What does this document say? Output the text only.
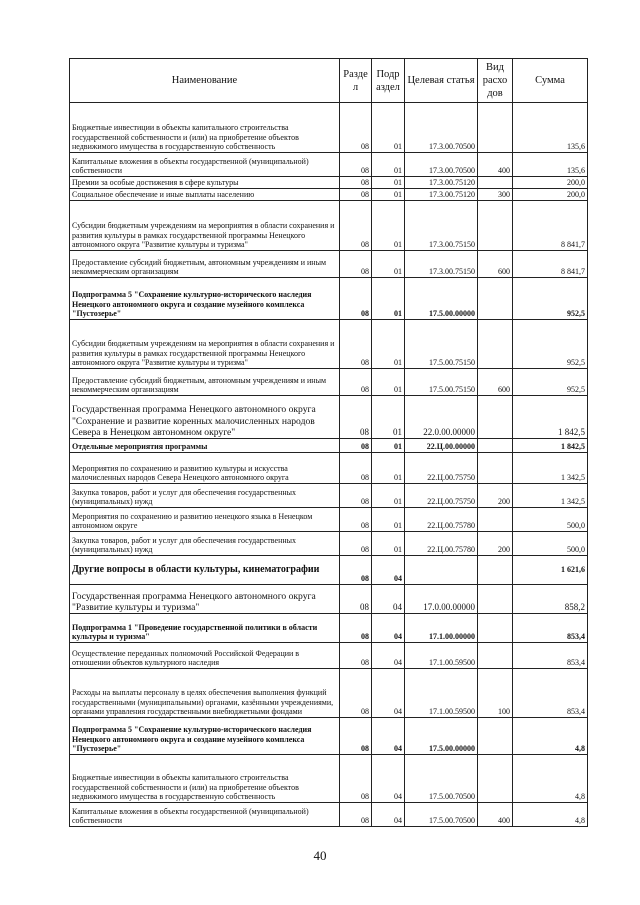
Наименование	Разде л	Подр аздел	Целевая статья	Вид расхо дов	Сумма
Бюджетные инвестиции в объекты капитального строительства государственной собственности и (или) на приобретение объектов недвижимого имущества в государственную собственность	08	01	17.3.00.70500		135,6
Капитальные вложения в объекты государственной (муниципальной) собственности	08	01	17.3.00.70500	400	135,6
Премии за особые достижения в сфере культуры	08	01	17.3.00.75120		200,0
Социальное обеспечение и иные выплаты населению	08	01	17.3.00.75120	300	200,0
Субсидии бюджетным учреждениям на мероприятия в области сохранения и развития культуры в рамках государственной программы Ненецкого автономного округа "Развитие культуры и туризма"	08	01	17.3.00.75150		8 841,7
Предоставление субсидий бюджетным, автономным учреждениям и иным некоммерческим организациям	08	01	17.3.00.75150	600	8 841,7
Подпрограмма 5 "Сохранение культурно-исторического наследия Ненецкого автономного округа и создание музейного комплекса "Пустозерье"	08	01	17.5.00.00000		952,5
Субсидии бюджетным учреждениям на мероприятия в области сохранения и развития культуры в рамках государственной программы Ненецкого автономного округа "Развитие культуры и туризма"	08	01	17.5.00.75150		952,5
Предоставление субсидий бюджетным, автономным учреждениям и иным некоммерческим организациям	08	01	17.5.00.75150	600	952,5
Государственная программа Ненецкого автономного округа "Сохранение и развитие коренных малочисленных народов Севера в Ненецком автономном округе"	08	01	22.0.00.00000		1 842,5
Отдельные мероприятия программы	08	01	22.Ц.00.00000		1 842,5
Мероприятия по сохранению и развитию культуры и искусства малочисленных народов Севера Ненецкого автономного округа	08	01	22.Ц.00.75750		1 342,5
Закупка товаров, работ и услуг для обеспечения государственных (муниципальных) нужд	08	01	22.Ц.00.75750	200	1 342,5
Мероприятия по сохранению и развитию ненецкого языка в Ненецком автономном округе	08	01	22.Ц.00.75780		500,0
Закупка товаров, работ и услуг для обеспечения государственных (муниципальных) нужд	08	01	22.Ц.00.75780	200	500,0
Другие вопросы в области культуры, кинематографии	08	04			1 621,6
Государственная программа Ненецкого автономного округа "Развитие культуры и туризма"	08	04	17.0.00.00000		858,2
Подпрограмма 1 "Проведение государственной политики в области культуры и туризма"	08	04	17.1.00.00000		853,4
Осуществление переданных полномочий Российской Федерации в отношении объектов культурного наследия	08	04	17.1.00.59500		853,4
Расходы на выплаты персоналу в целях обеспечения выполнения функций государственными (муниципальными) органами, казёнными учреждениями, органами управления государственными внебюджетными фондами	08	04	17.1.00.59500	100	853,4
Подпрограмма 5 "Сохранение культурно-исторического наследия Ненецкого автономного округа и создание музейного комплекса "Пустозерье"	08	04	17.5.00.00000		4,8
Бюджетные инвестиции в объекты капитального строительства государственной собственности и (или) на приобретение объектов недвижимого имущества в государственную собственность	08	04	17.5.00.70500		4,8
Капитальные вложения в объекты государственной (муниципальной) собственности	08	04	17.5.00.70500	400	4,8
40
